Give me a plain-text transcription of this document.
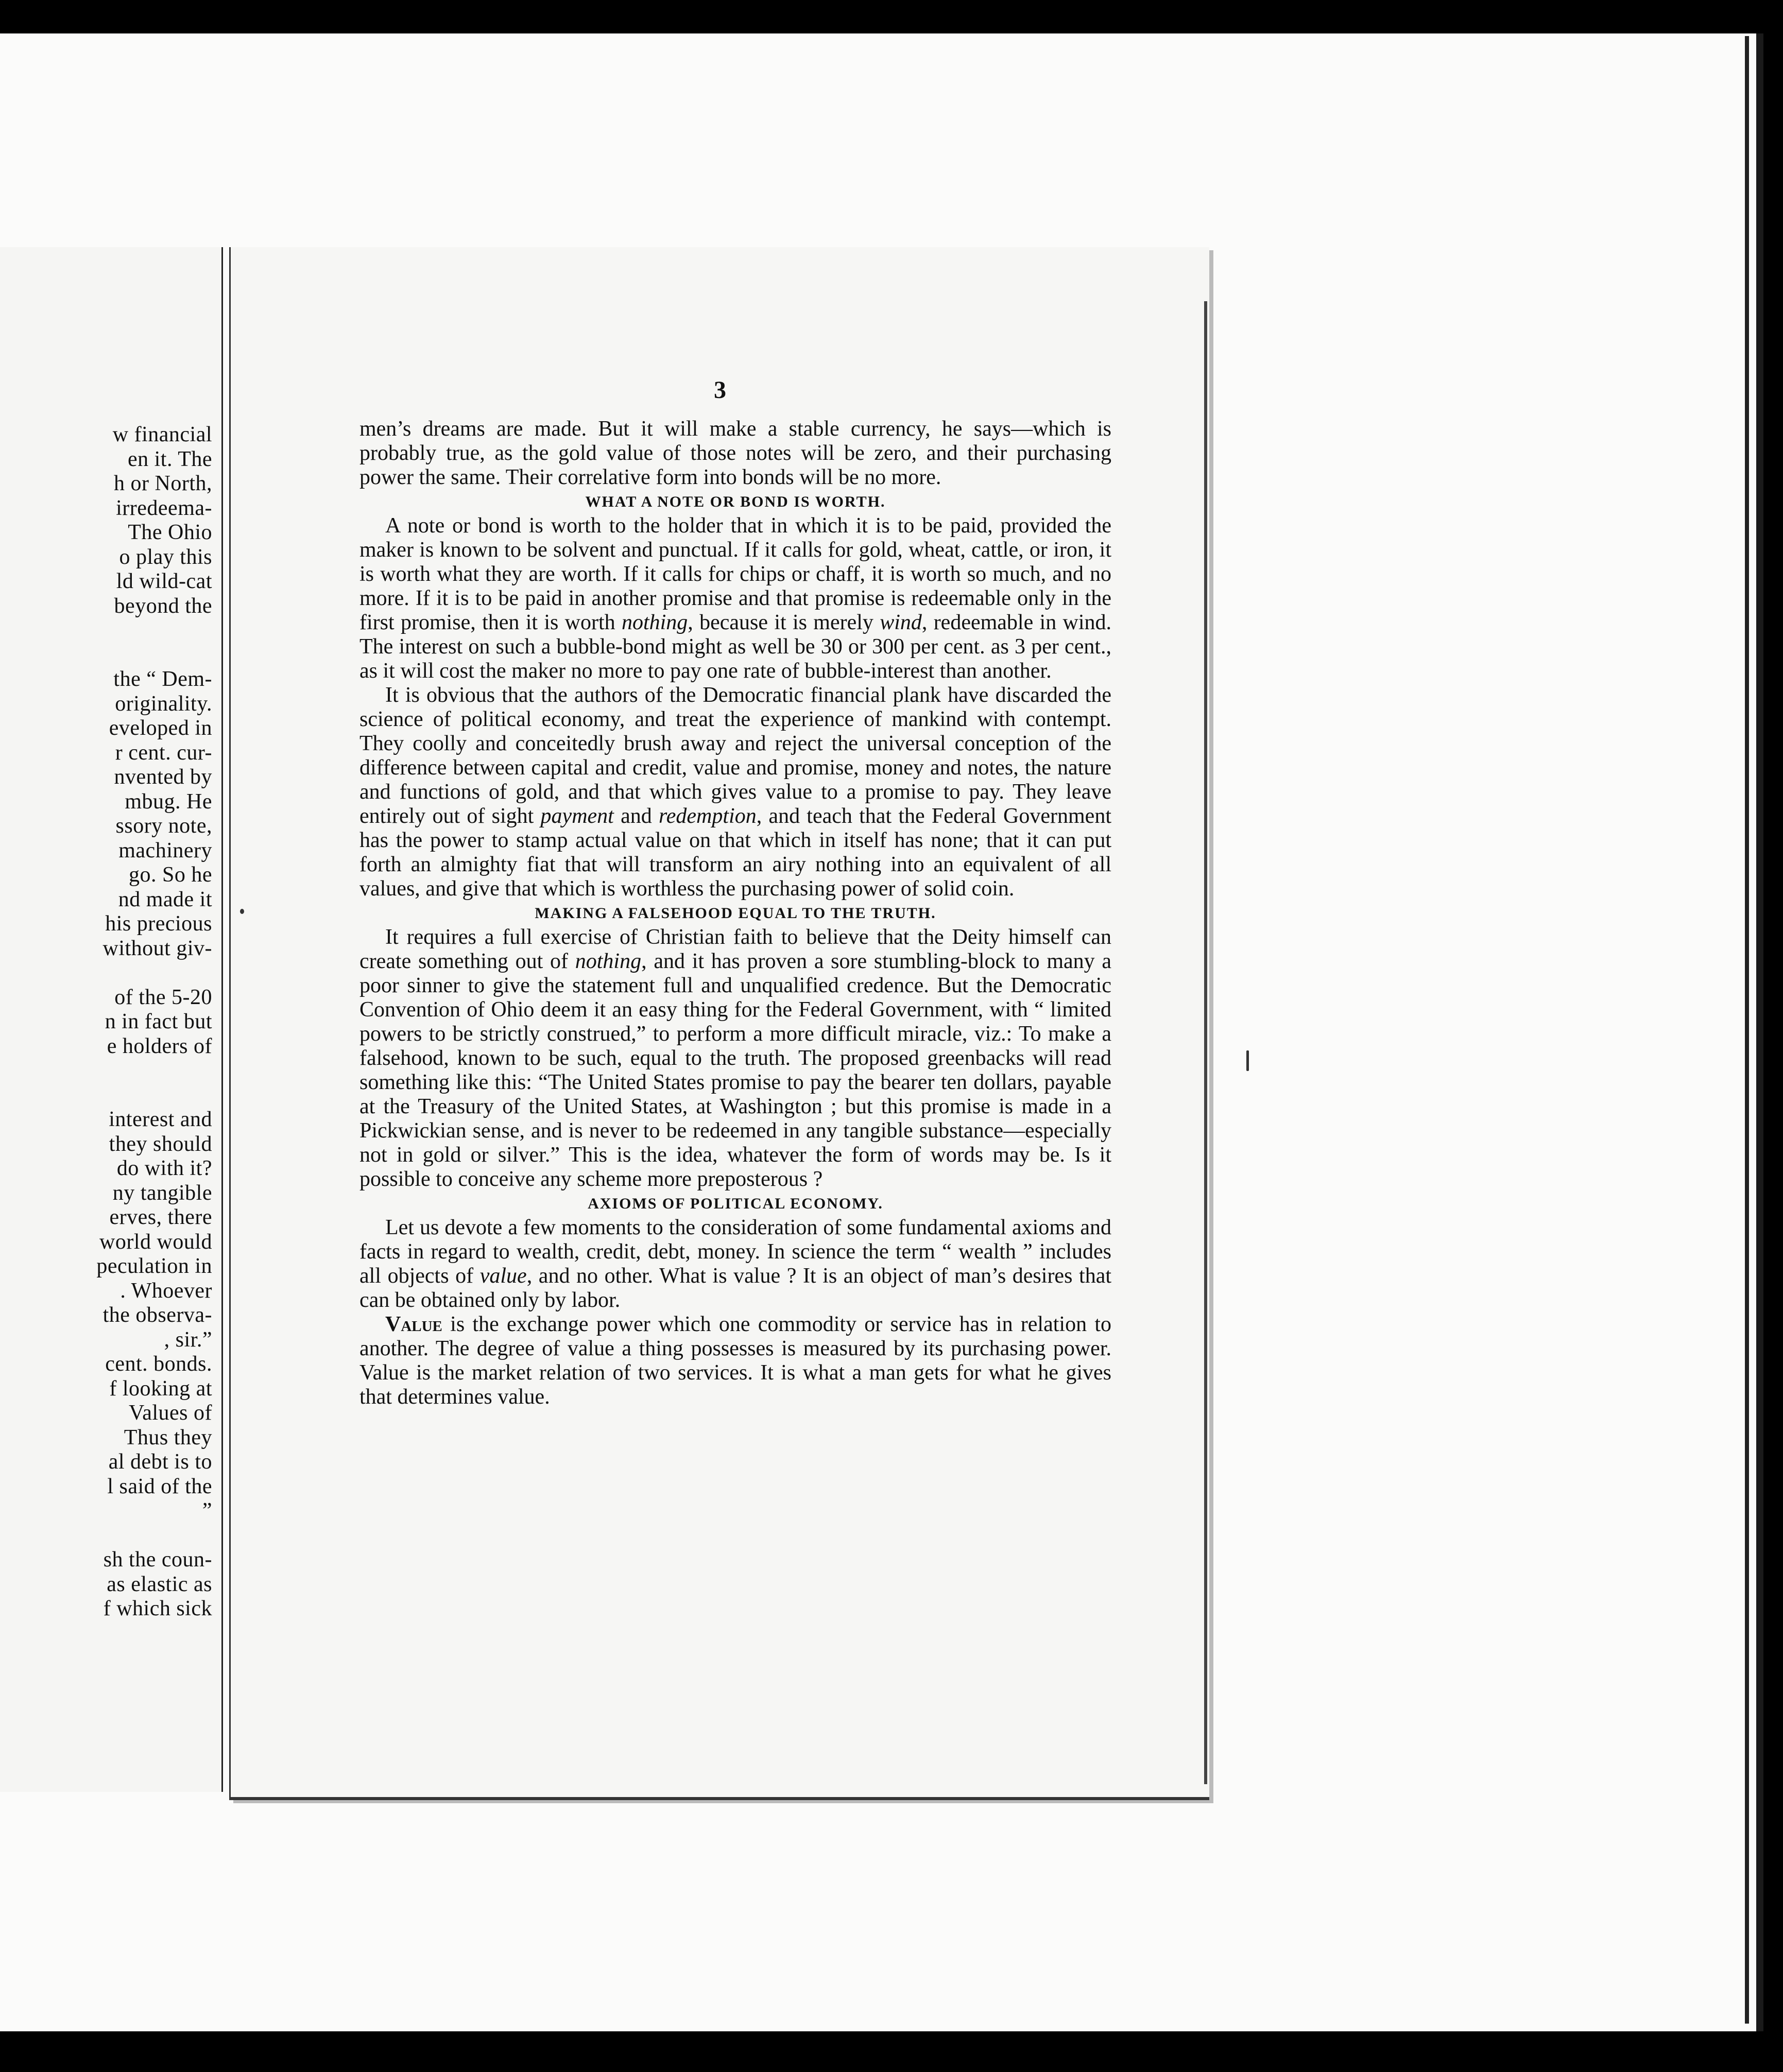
w financial
en it. The
h or North,
irredeema-
The Ohio
o play this
ld wild-cat
beyond the
the “ Dem-
originality.
eveloped in
r cent. cur-
nvented by
mbug. He
ssory note,
machinery
go. So he
nd made it
his precious
without giv-
of the 5-20
n in fact but
e holders of
interest and
they should
do with it?
ny tangible
erves, there
world would
peculation in
. Whoever
the observa-
, sir.”
cent. bonds.
f looking at
Values of
Thus they
al debt is to
l said of the
”
sh the coun-
as elastic as
f which sick
3

men’s dreams are made. But it will make a stable currency, he says—which is probably true, as the gold value of those notes will be zero, and their purchasing power the same. Their correlative form into bonds will be no more.

WHAT A NOTE OR BOND IS WORTH.

A note or bond is worth to the holder that in which it is to be paid, provided the maker is known to be solvent and punctual. If it calls for gold, wheat, cattle, or iron, it is worth what they are worth. If it calls for chips or chaff, it is worth so much, and no more. If it is to be paid in another promise and that promise is redeemable only in the first promise, then it is worth nothing, because it is merely wind, redeemable in wind. The interest on such a bubble-bond might as well be 30 or 300 per cent. as 3 per cent., as it will cost the maker no more to pay one rate of bubble-interest than another.

It is obvious that the authors of the Democratic financial plank have discarded the science of political economy, and treat the experience of mankind with contempt. They coolly and conceitedly brush away and reject the universal conception of the difference between capital and credit, value and promise, money and notes, the nature and functions of gold, and that which gives value to a promise to pay. They leave entirely out of sight payment and redemption, and teach that the Federal Government has the power to stamp actual value on that which in itself has none; that it can put forth an almighty fiat that will transform an airy nothing into an equivalent of all values, and give that which is worthless the purchasing power of solid coin.

MAKING A FALSEHOOD EQUAL TO THE TRUTH.

It requires a full exercise of Christian faith to believe that the Deity himself can create something out of nothing, and it has proven a sore stumbling-block to many a poor sinner to give the statement full and unqualified credence. But the Democratic Convention of Ohio deem it an easy thing for the Federal Government, with “ limited powers to be strictly construed,” to perform a more difficult miracle, viz.: To make a falsehood, known to be such, equal to the truth. The proposed greenbacks will read something like this: “The United States promise to pay the bearer ten dollars, payable at the Treasury of the United States, at Washington ; but this promise is made in a Pickwickian sense, and is never to be redeemed in any tangible substance—especially not in gold or silver.” This is the idea, whatever the form of words may be. Is it possible to conceive any scheme more preposterous ?

AXIOMS OF POLITICAL ECONOMY.

Let us devote a few moments to the consideration of some fundamental axioms and facts in regard to wealth, credit, debt, money. In science the term “ wealth ” includes all objects of value, and no other. What is value ? It is an object of man’s desires that can be obtained only by labor.

Value is the exchange power which one commodity or service has in relation to another. The degree of value a thing possesses is measured by its purchasing power. Value is the market relation of two services. It is what a man gets for what he gives that determines value.
